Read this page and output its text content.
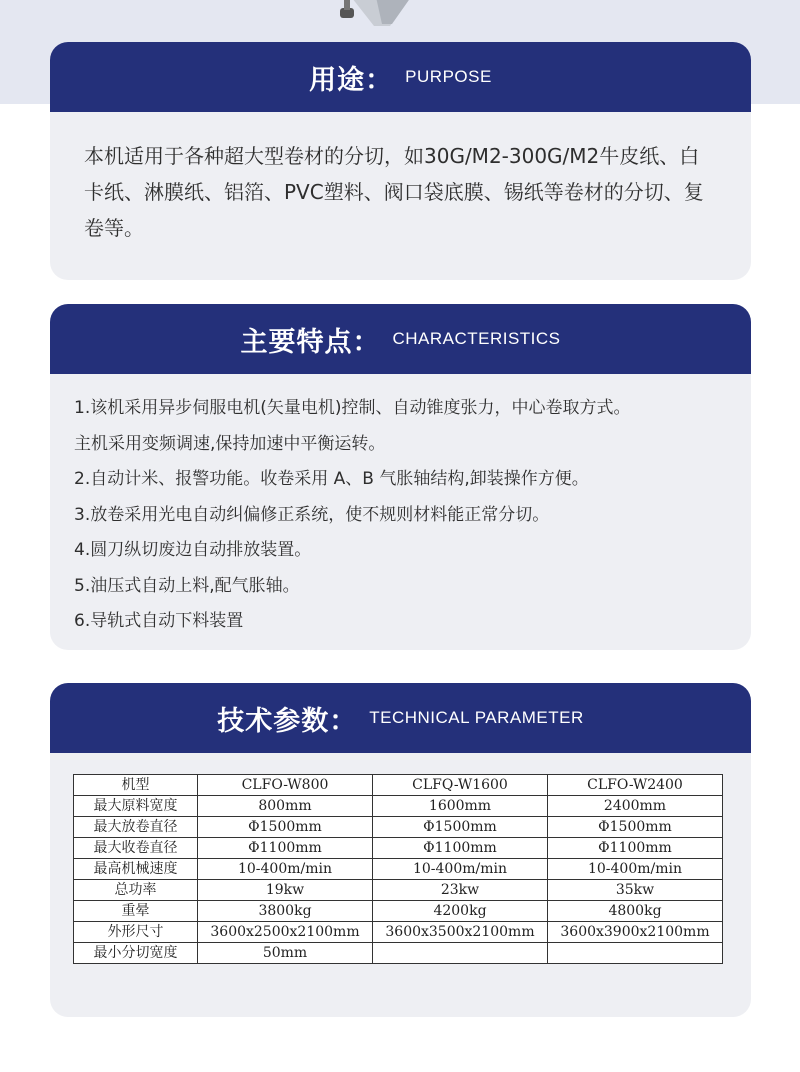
用途： PURPOSE
本机适用于各种超大型卷材的分切，如30G/M2-300G/M2牛皮纸、白卡纸、淋膜纸、铝箔、PVC塑料、阀口袋底膜、锡纸等卷材的分切、复卷等。
主要特点： CHARACTERISTICS
1.该机采用异步伺服电机(矢量电机)控制、自动锥度张力，中心卷取方式。
主机采用变频调速,保持加速中平衡运转。
2.自动计米、报警功能。收卷采用 A、B 气胀轴结构,卸装操作方便。
3.放卷采用光电自动纠偏修正系统，使不规则材料能正常分切。
4.圆刀纵切废边自动排放装置。
5.油压式自动上料,配气胀轴。
6.导轨式自动下料装置
技术参数： TECHNICAL PARAMETER
机型	CLFO-W800	CLFQ-W1600	CLFO-W2400
最大原料宽度	800mm	1600mm	2400mm
最大放卷直径	Φ1500mm	Φ1500mm	Φ1500mm
最大收卷直径	Φ1100mm	Φ1100mm	Φ1100mm
最高机械速度	10-400m/min	10-400m/min	10-400m/min
总功率	19kw	23kw	35kw
重晕	3800kg	4200kg	4800kg
外形尺寸	3600x2500x2100mm	3600x3500x2100mm	3600x3900x2100mm
最小分切宽度	50mm		
